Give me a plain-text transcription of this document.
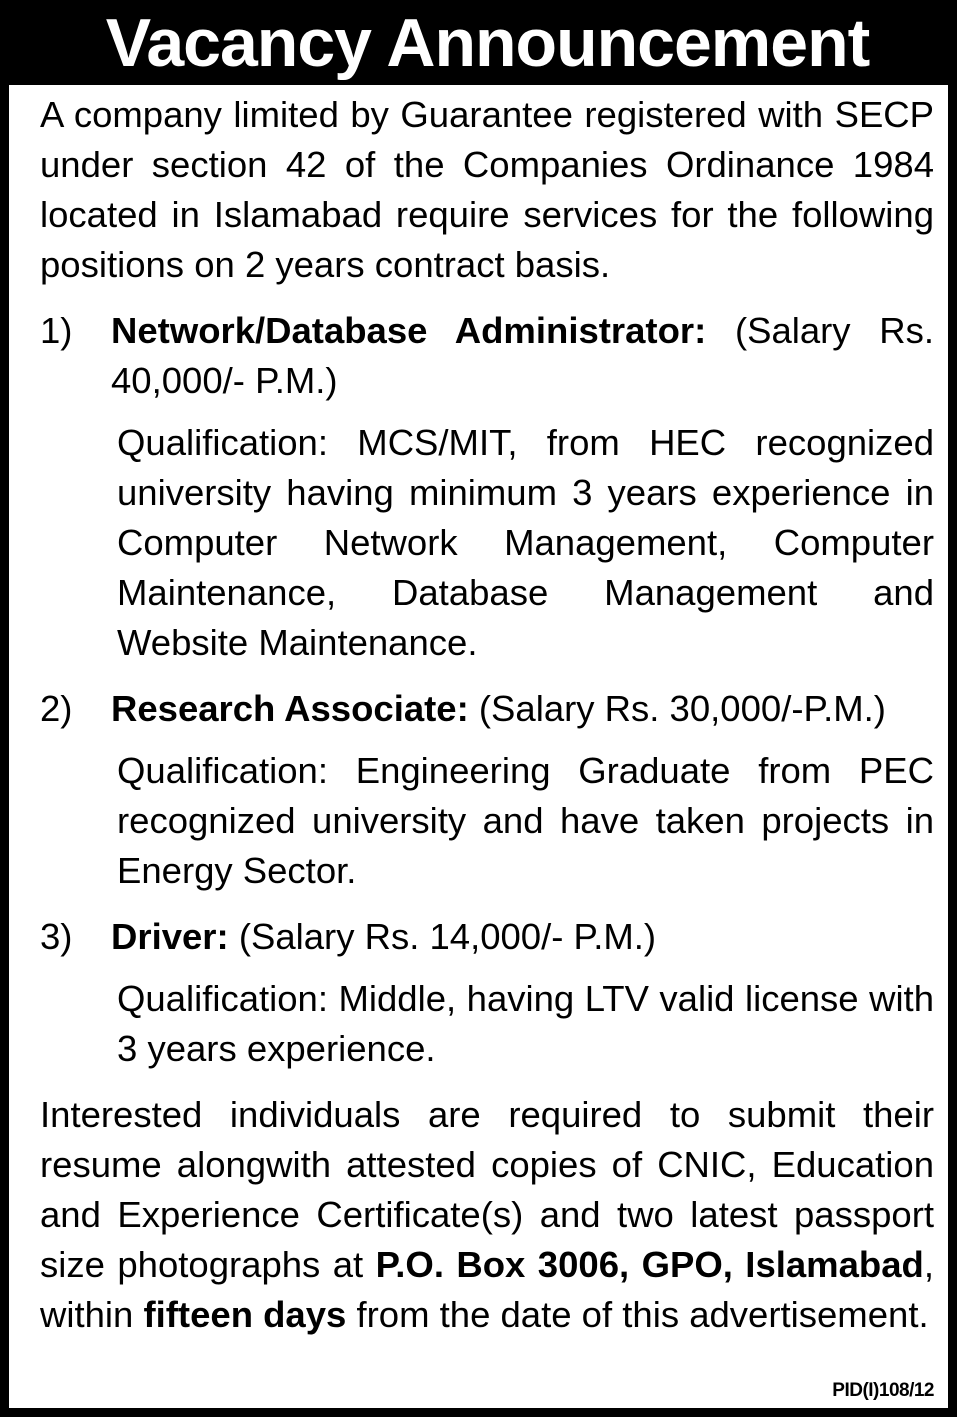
Vacancy Announcement

A company limited by Guarantee registered with SECP under section 42 of the Companies Ordinance 1984 located in Islamabad require services for the following positions on 2 years contract basis.

1)	Network/Database Administrator: (Salary Rs. 40,000/- P.M.)

Qualification: MCS/MIT, from HEC recognized university having minimum 3 years experience in Computer Network Management, Computer Maintenance, Database Management and Website Maintenance.

2)	Research Associate: (Salary Rs. 30,000/-P.M.)

Qualification: Engineering Graduate from PEC recognized university and have taken projects in Energy Sector.

3)	Driver: (Salary Rs. 14,000/- P.M.)

Qualification: Middle, having LTV valid license with 3 years experience.

Interested individuals are required to submit their resume alongwith attested copies of CNIC, Education and Experience Certificate(s) and two latest passport size photographs at P.O. Box 3006, GPO, Islamabad, within fifteen days from the date of this advertisement.

PID(I)108/12
